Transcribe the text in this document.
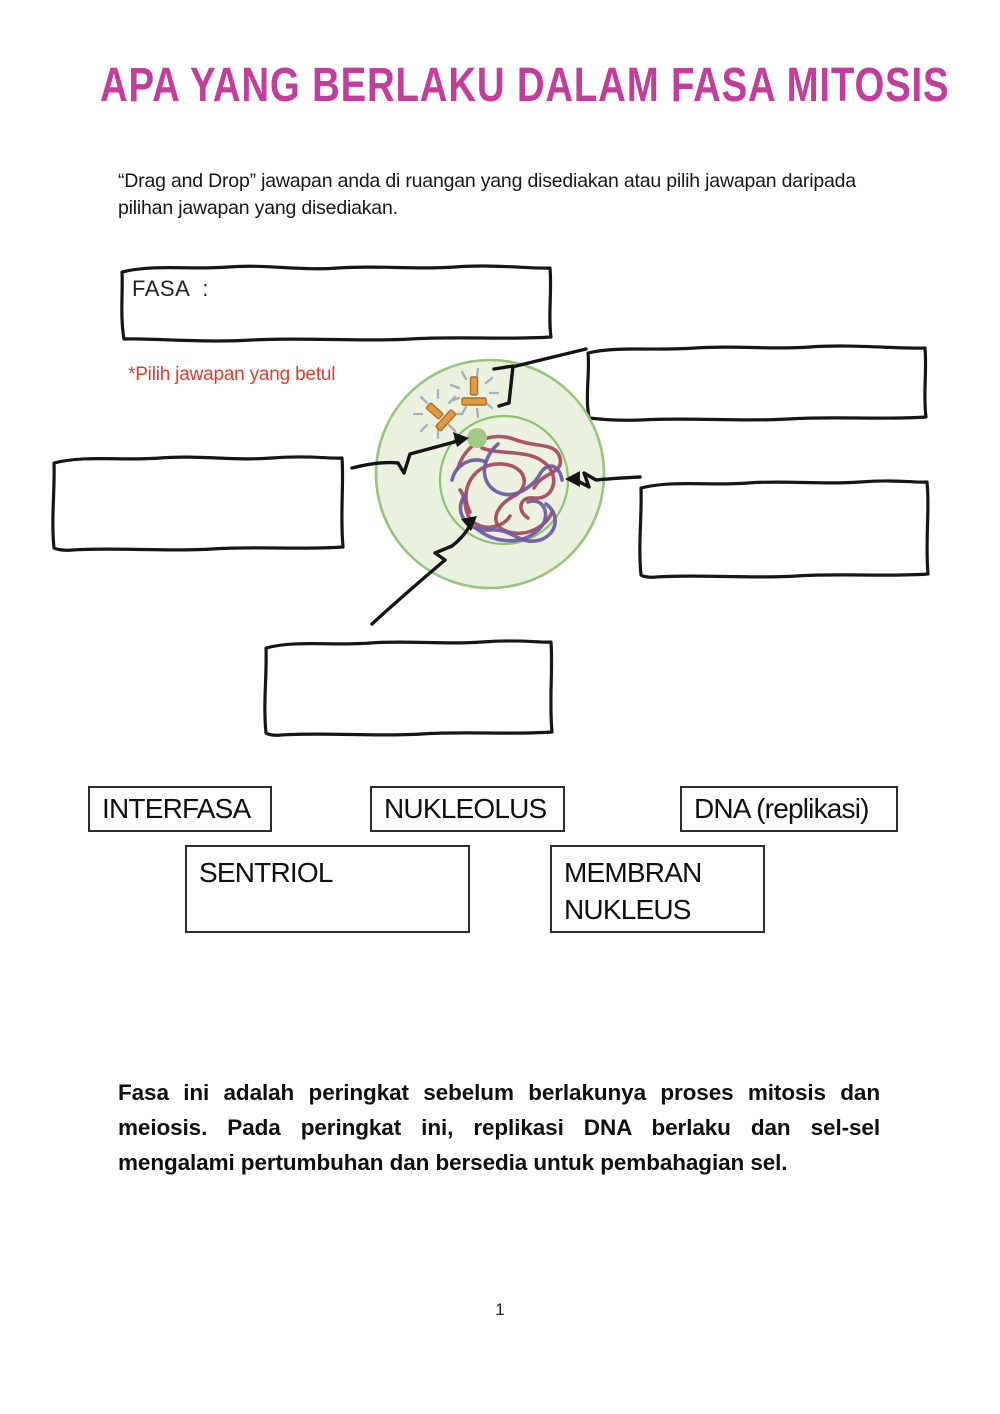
APA YANG BERLAKU DALAM FASA MITOSIS
“Drag and Drop” jawapan anda di ruangan yang disediakan atau pilih jawapan daripada pilihan jawapan yang disediakan.
FASA  :
*Pilih jawapan yang betul
INTERFASA	NUKLEOLUS	DNA (replikasi)
SENTRIOL	MEMBRAN NUKLEUS
Fasa ini adalah peringkat sebelum berlakunya proses mitosis dan meiosis. Pada peringkat ini, replikasi DNA berlaku dan sel-sel mengalami pertumbuhan dan bersedia untuk pembahagian sel.
1
